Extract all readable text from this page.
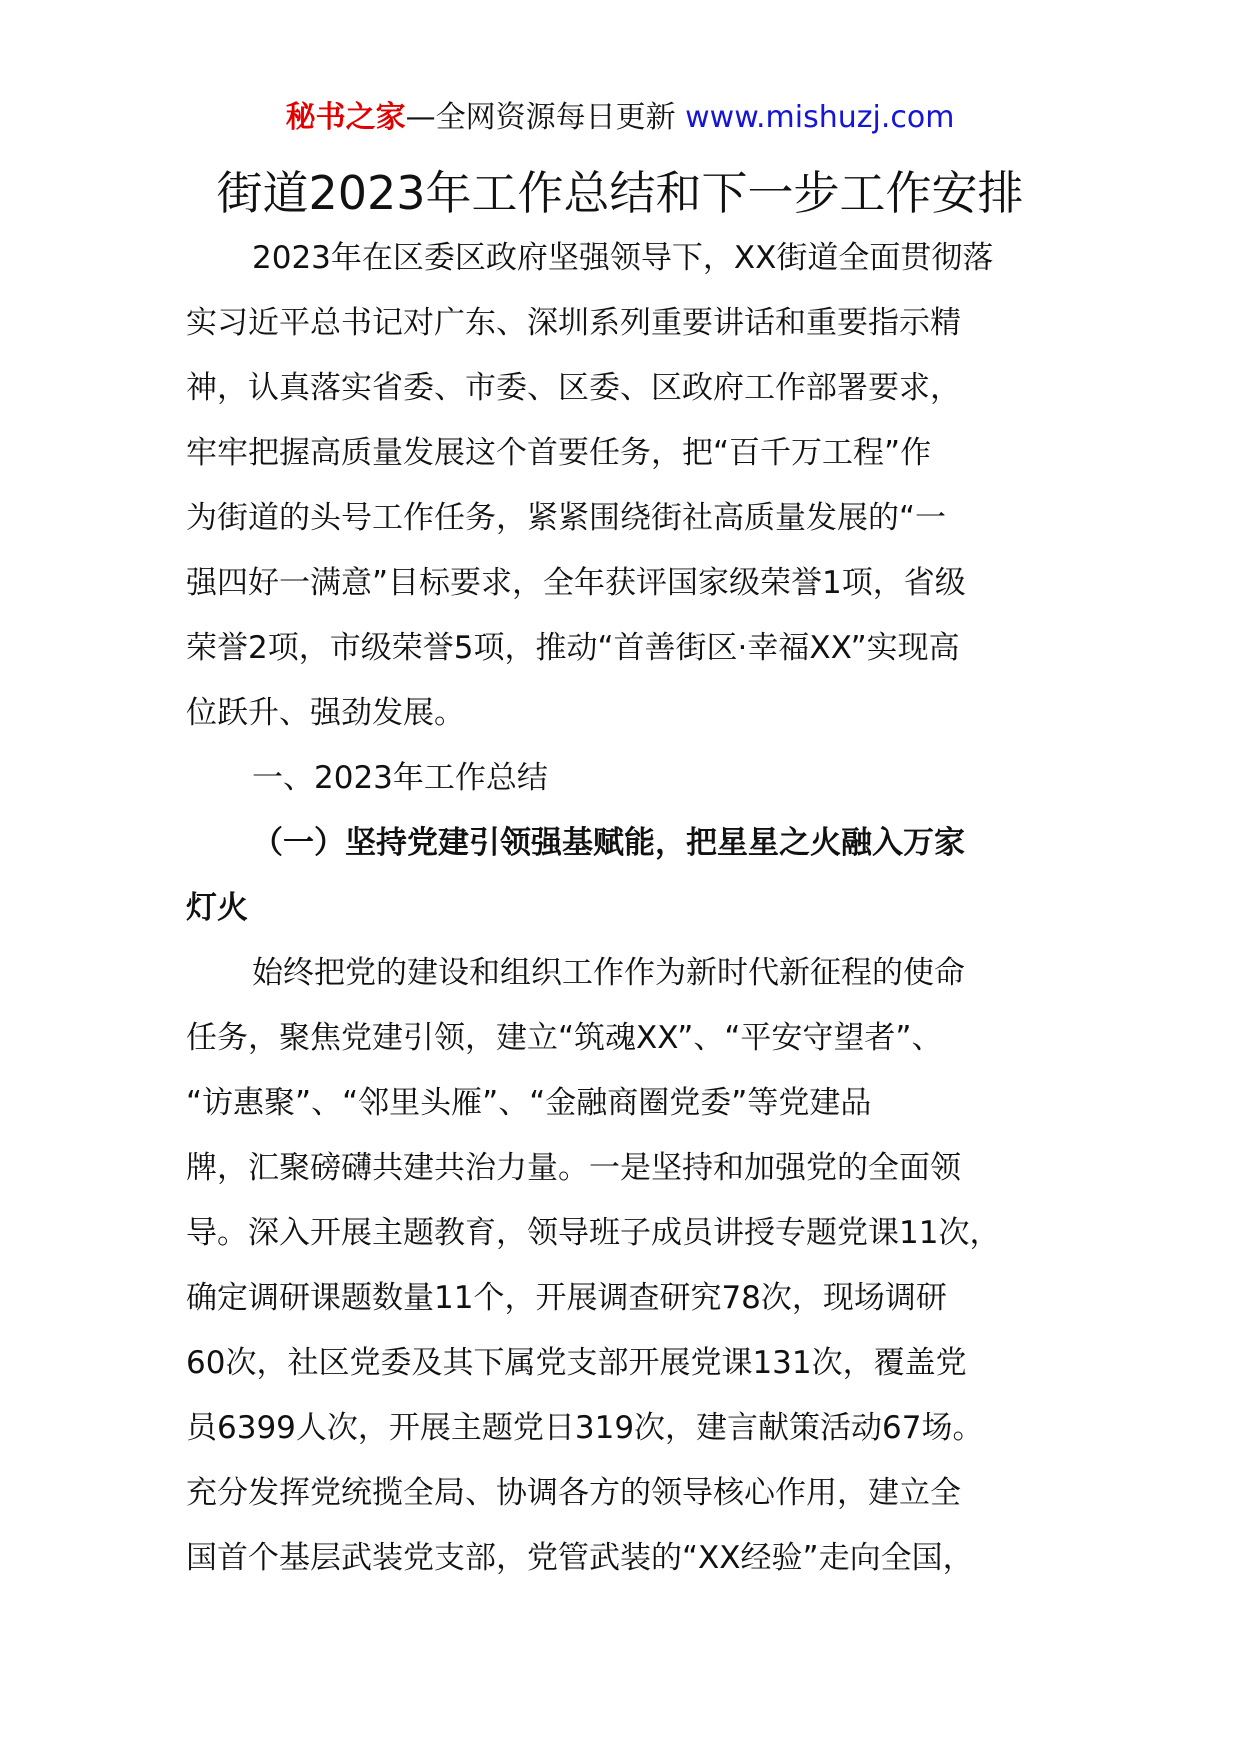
秘书之家—全网资源每日更新 www.mishuzj.com
街道2023年工作总结和下一步工作安排
2023年在区委区政府坚强领导下，XX街道全面贯彻落
实习近平总书记对广东、深圳系列重要讲话和重要指示精
神，认真落实省委、市委、区委、区政府工作部署要求，
牢牢把握高质量发展这个首要任务，把“百千万工程”作
为街道的头号工作任务，紧紧围绕街社高质量发展的“一
强四好一满意”目标要求，全年获评国家级荣誉1项，省级
荣誉2项，市级荣誉5项，推动“首善街区·幸福XX”实现高
位跃升、强劲发展。
一、2023年工作总结
（一）坚持党建引领强基赋能，把星星之火融入万家
灯火
始终把党的建设和组织工作作为新时代新征程的使命
任务，聚焦党建引领，建立“筑魂XX”、“平安守望者”、
“访惠聚”、“邻里头雁”、“金融商圈党委”等党建品
牌，汇聚磅礴共建共治力量。一是坚持和加强党的全面领
导。深入开展主题教育，领导班子成员讲授专题党课11次，
确定调研课题数量11个，开展调查研究78次，现场调研
60次，社区党委及其下属党支部开展党课131次，覆盖党
员6399人次，开展主题党日319次，建言献策活动67场。
充分发挥党统揽全局、协调各方的领导核心作用，建立全
国首个基层武装党支部，党管武装的“XX经验”走向全国，
